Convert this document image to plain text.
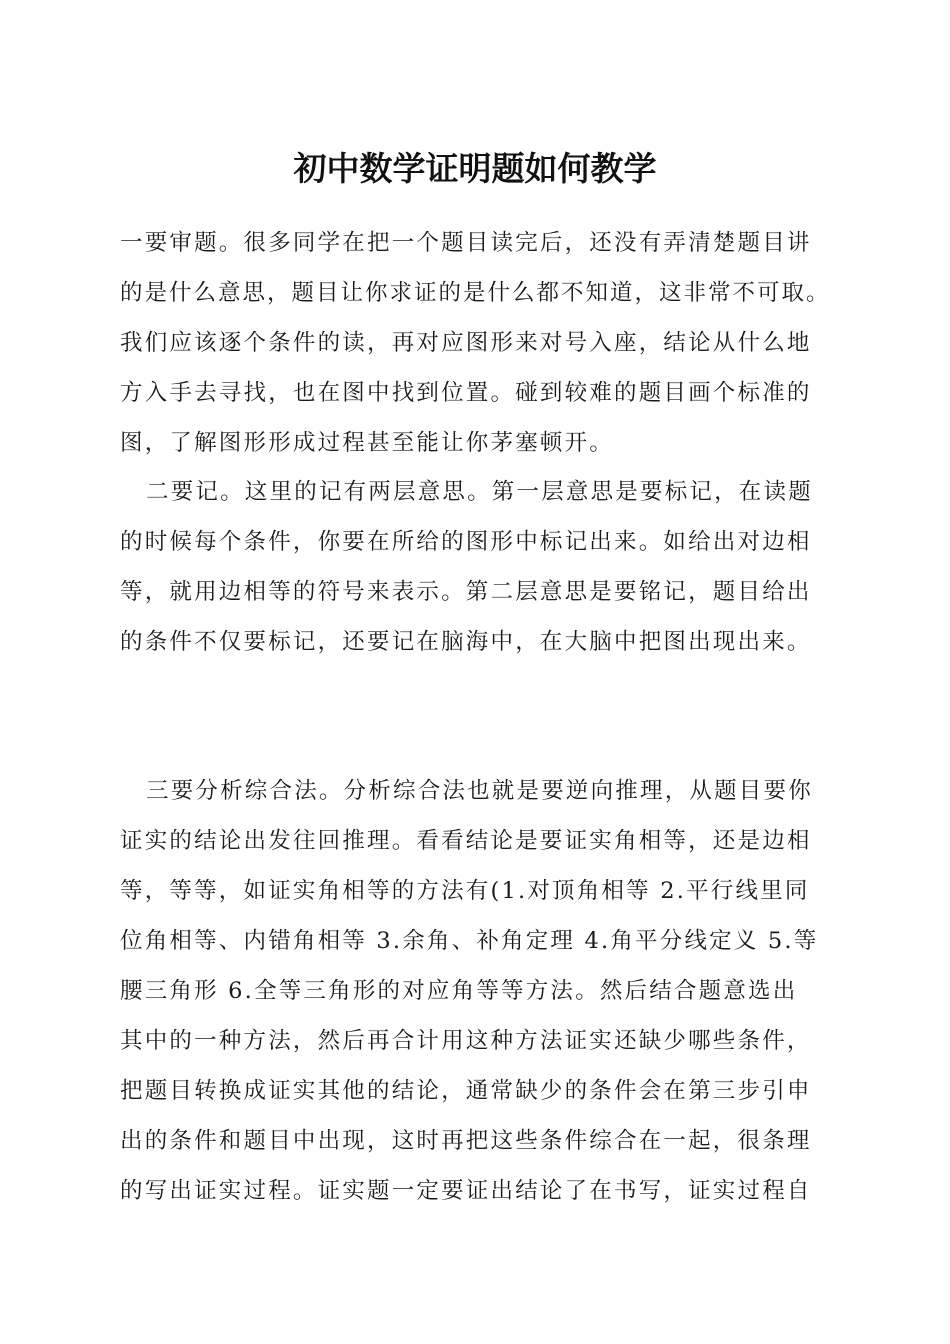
初中数学证明题如何教学
一要审题。很多同学在把一个题目读完后，还没有弄清楚题目讲
的是什么意思，题目让你求证的是什么都不知道，这非常不可取。
我们应该逐个条件的读，再对应图形来对号入座，结论从什么地
方入手去寻找，也在图中找到位置。碰到较难的题目画个标准的
图，了解图形形成过程甚至能让你茅塞顿开。
二要记。这里的记有两层意思。第一层意思是要标记，在读题
的时候每个条件，你要在所给的图形中标记出来。如给出对边相
等，就用边相等的符号来表示。第二层意思是要铭记，题目给出
的条件不仅要标记，还要记在脑海中，在大脑中把图出现出来。
三要分析综合法。分析综合法也就是要逆向推理，从题目要你
证实的结论出发往回推理。看看结论是要证实角相等，还是边相
等，等等，如证实角相等的方法有(1.对顶角相等 2.平行线里同
位角相等、内错角相等 3.余角、补角定理 4.角平分线定义 5.等
腰三角形 6.全等三角形的对应角等等方法。然后结合题意选出
其中的一种方法，然后再合计用这种方法证实还缺少哪些条件，
把题目转换成证实其他的结论，通常缺少的条件会在第三步引申
出的条件和题目中出现，这时再把这些条件综合在一起，很条理
的写出证实过程。证实题一定要证出结论了在书写，证实过程自
